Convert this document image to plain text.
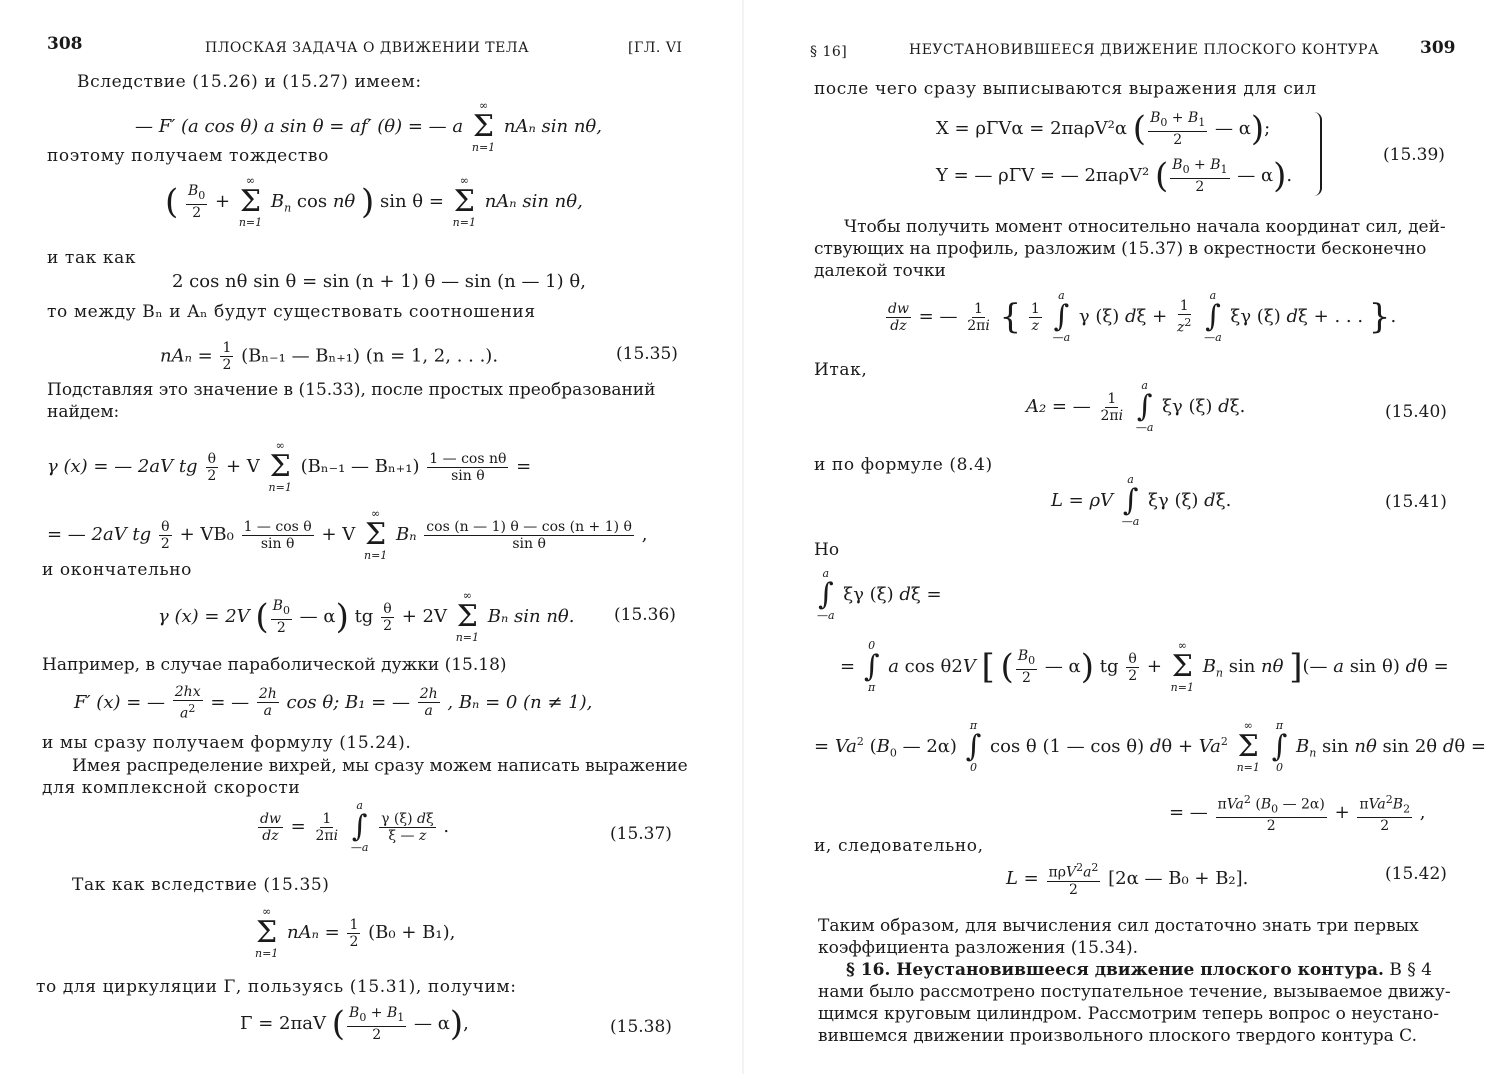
308	ПЛОСКАЯ ЗАДАЧА О ДВИЖЕНИИ ТЕЛА	[ГЛ. VI
Вследствие (15.26) и (15.27) имеем:
— F′ (a cos θ) a sin θ = af′ (θ) = — a
∞
Σ
n=1
nAₙ sin nθ,
поэтому получаем тождество
( $\frac{B_0}{2}$ +
∞
Σ
n=1
$B_n$ cos nθ ) sin θ =
∞
Σ
n=1
nAₙ sin nθ,
и так как
2 cos nθ sin θ = sin (n + 1) θ — sin (n — 1) θ,
то между Bₙ и Aₙ будут существовать соотношения
$nA_n = \frac{1}{2} (B_{n-1}$ — Bₙ₊₁) (n = 1, 2, . . .).	(15.35)
Подставляя это значение в (15.33), после простых преобразований
найдем:
γ (x) = — 2aV tg $\frac{\theta}{2} + V$
∞
Σ
n=1
(Bₙ₋₁ — $B_{n+1}) \frac{\text{1 — cos nθ}}{\text{sin θ}}$ =
= — 2aV tg $\frac{\theta}{2} + VB_0 \frac{\text{1 — cos θ}}{\text{sin θ}} + V$
∞
Σ
n=1
Bₙ $\frac{\cos (n — 1) \theta — \cos (n + 1) \theta}{\text{sin θ}}$ ,
и окончательно
γ (x) = 2V ( $\frac{B_0}{2}$ — α) tg $\frac{\theta}{2} + 2V$
∞
Σ
n=1
Bₙ sin nθ. (15.36)
Например, в случае параболической дужки (15.18)
F′ (x) = — $\frac{2hx}{a^2}$ = — $\frac{2h}{a}$ cos θ; B₁ = — $\frac{2h}{a}$ , Bₙ = 0 (n ≠ 1),
и мы сразу получаем формулу (15.24).
Имея распределение вихрей, мы сразу можем написать выражение
для комплексной скорости
$\frac{dw}{dz} = \frac{1}{2\pi i}$

a
∫
—a

$\frac{\gamma (\xi) d\xi}{\xi — z}$ .	(15.37)
Так как вследствие (15.35)
∞
Σ
n=1
$nA_n = \frac{1}{2} (B_0 + B_1)$,
то для циркуляции Γ, пользуясь (15.31), получим:
Γ = 2πaV ( $\frac{B_0 + B_1}{2}$ — α),	(15.38)
§ 16]	НЕУСТАНОВИВШЕЕСЯ ДВИЖЕНИЕ ПЛОСКОГО КОНТУРА 309
после чего сразу выписываются выражения для сил
X = ρΓVα = 2πaρV²α ( $\frac{B_0 + B_1}{2}$ — α);
Y = — ρΓV = — 2πaρV² ( $\frac{B_0 + B_1}{2}$ — α).
(15.39)
Чтобы получить момент относительно начала координат сил, дей-
ствующих на профиль, разложим (15.37) в окрестности бесконечно
далекой точки
$\frac{dw}{dz}$ = — $\frac{1}{2\pi i}$ { $\frac{1}{z}$

a
∫
—a
γ (ξ) $d\xi + \frac{1}{z^2}$

a
∫
—a
ξγ (ξ) dξ + . . . }.
Итак,
A₂ = — $\frac{1}{2\pi i}$

a
∫
—a
ξγ (ξ) dξ.	(15.40)
и по формуле (8.4)
L = ρV
a
∫
—a
ξγ (ξ) dξ.	(15.41)
Но
a
∫
—a
ξγ (ξ) dξ =
=
0
∫
π
a cos θ2V [ ( $\frac{B_0}{2}$ — α) tg $\frac{\theta}{2}$ +
∞
Σ
n=1
$B_n$ sin nθ ](— a sin θ) dθ =
= $Va^2$ ($B_0$ — 2α)
π
∫
0
cos θ (1 — cos θ) $d\theta + Va^2$
∞
Σ
n=1

π
∫
0
$B_n$ sin nθ sin 2θ dθ =
= — $\frac{\pi Va^2 (B_0 — 2\alpha)}{2} + \frac{\pi Va^2B_2}{2}$ ,
и, следовательно,
$L = \frac{\pi\rho V^2a^2}{2} [2\alpha$ — B₀ + B₂].	(15.42)
Таким образом, для вычисления сил достаточно знать три первых
коэффициента разложения (15.34).
§ 16. Неустановившееся движение плоского контура. В § 4
нами было рассмотрено поступательное течение, вызываемое движу-
щимся круговым цилиндром. Рассмотрим теперь вопрос о неустано-
вившемся движении произвольного плоского твердого контура C.
